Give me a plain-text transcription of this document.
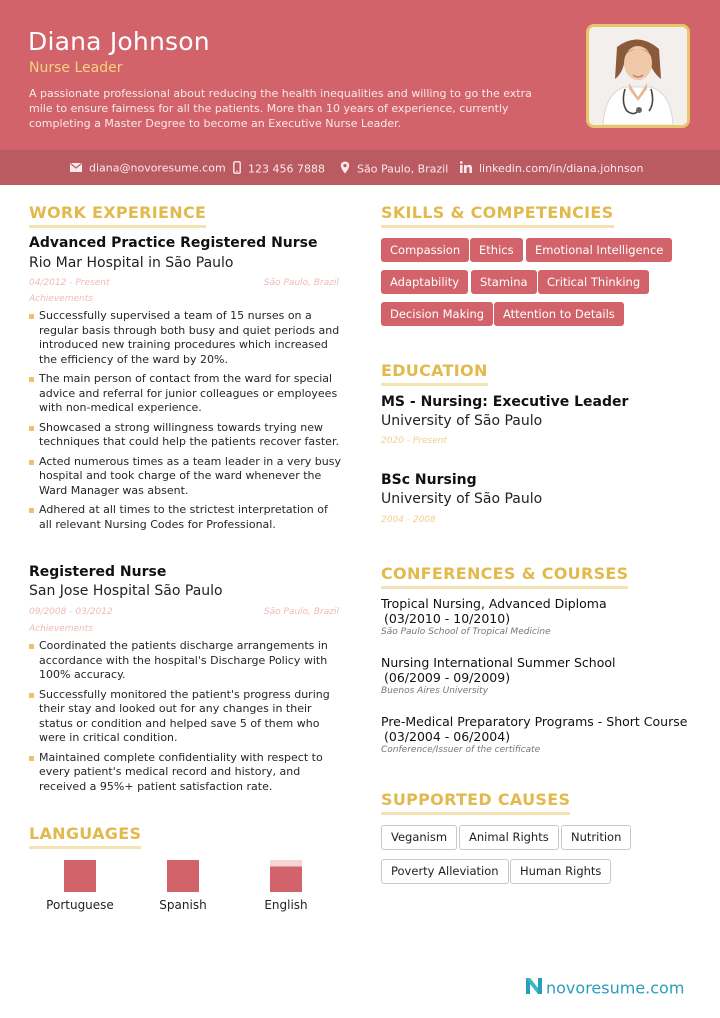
Diana Johnson
Nurse Leader
A passionate professional about reducing the health inequalities and willing to go the extra mile to ensure fairness for all the patients. More than 10 years of experience, currently completing a Master Degree to become an Executive Nurse Leader.
diana@novoresume.com	123 456 7888	São Paulo, Brazil	linkedin.com/in/diana.johnson
WORK EXPERIENCE
Advanced Practice Registered Nurse
Rio Mar Hospital in São Paulo
04/2012 - Present	São Paulo, Brazil
Achievements
Successfully supervised a team of 15 nurses on a regular basis through both busy and quiet periods and introduced new training procedures which increased the efficiency of the ward by 20%.
The main person of contact from the ward for special advice and referral for junior colleagues or employees with non-medical experience.
Showcased a strong willingness towards trying new techniques that could help the patients recover faster.
Acted numerous times as a team leader in a very busy hospital and took charge of the ward whenever the Ward Manager was absent.
Adhered at all times to the strictest interpretation of all relevant Nursing Codes for Professional.
Registered Nurse
San Jose Hospital São Paulo
09/2008 - 03/2012	São Paulo, Brazil
Achievements
Coordinated the patients discharge arrangements in accordance with the hospital's Discharge Policy with 100% accuracy.
Successfully monitored the patient's progress during their stay and looked out for any changes in their status or condition and helped save 5 of them who were in critical condition.
Maintained complete confidentiality with respect to every patient's medical record and history, and received a 95%+ patient satisfaction rate.
LANGUAGES
Portuguese	Spanish	English
SKILLS & COMPETENCIES
Compassion	Ethics	Emotional Intelligence
Adaptability	Stamina	Critical Thinking
Decision Making	Attention to Details
EDUCATION
MS - Nursing: Executive Leader
University of São Paulo
2020 - Present
BSc Nursing
University of São Paulo
2004 - 2008
CONFERENCES & COURSES
Tropical Nursing, Advanced Diploma
(03/2010 - 10/2010)
São Paulo School of Tropical Medicine
Nursing International Summer School
(06/2009 - 09/2009)
Buenos Aires University
Pre-Medical Preparatory Programs - Short Course
(03/2004 - 06/2004)
Conference/Issuer of the certificate
SUPPORTED CAUSES
Veganism	Animal Rights	Nutrition
Poverty Alleviation	Human Rights
novoresume.com
